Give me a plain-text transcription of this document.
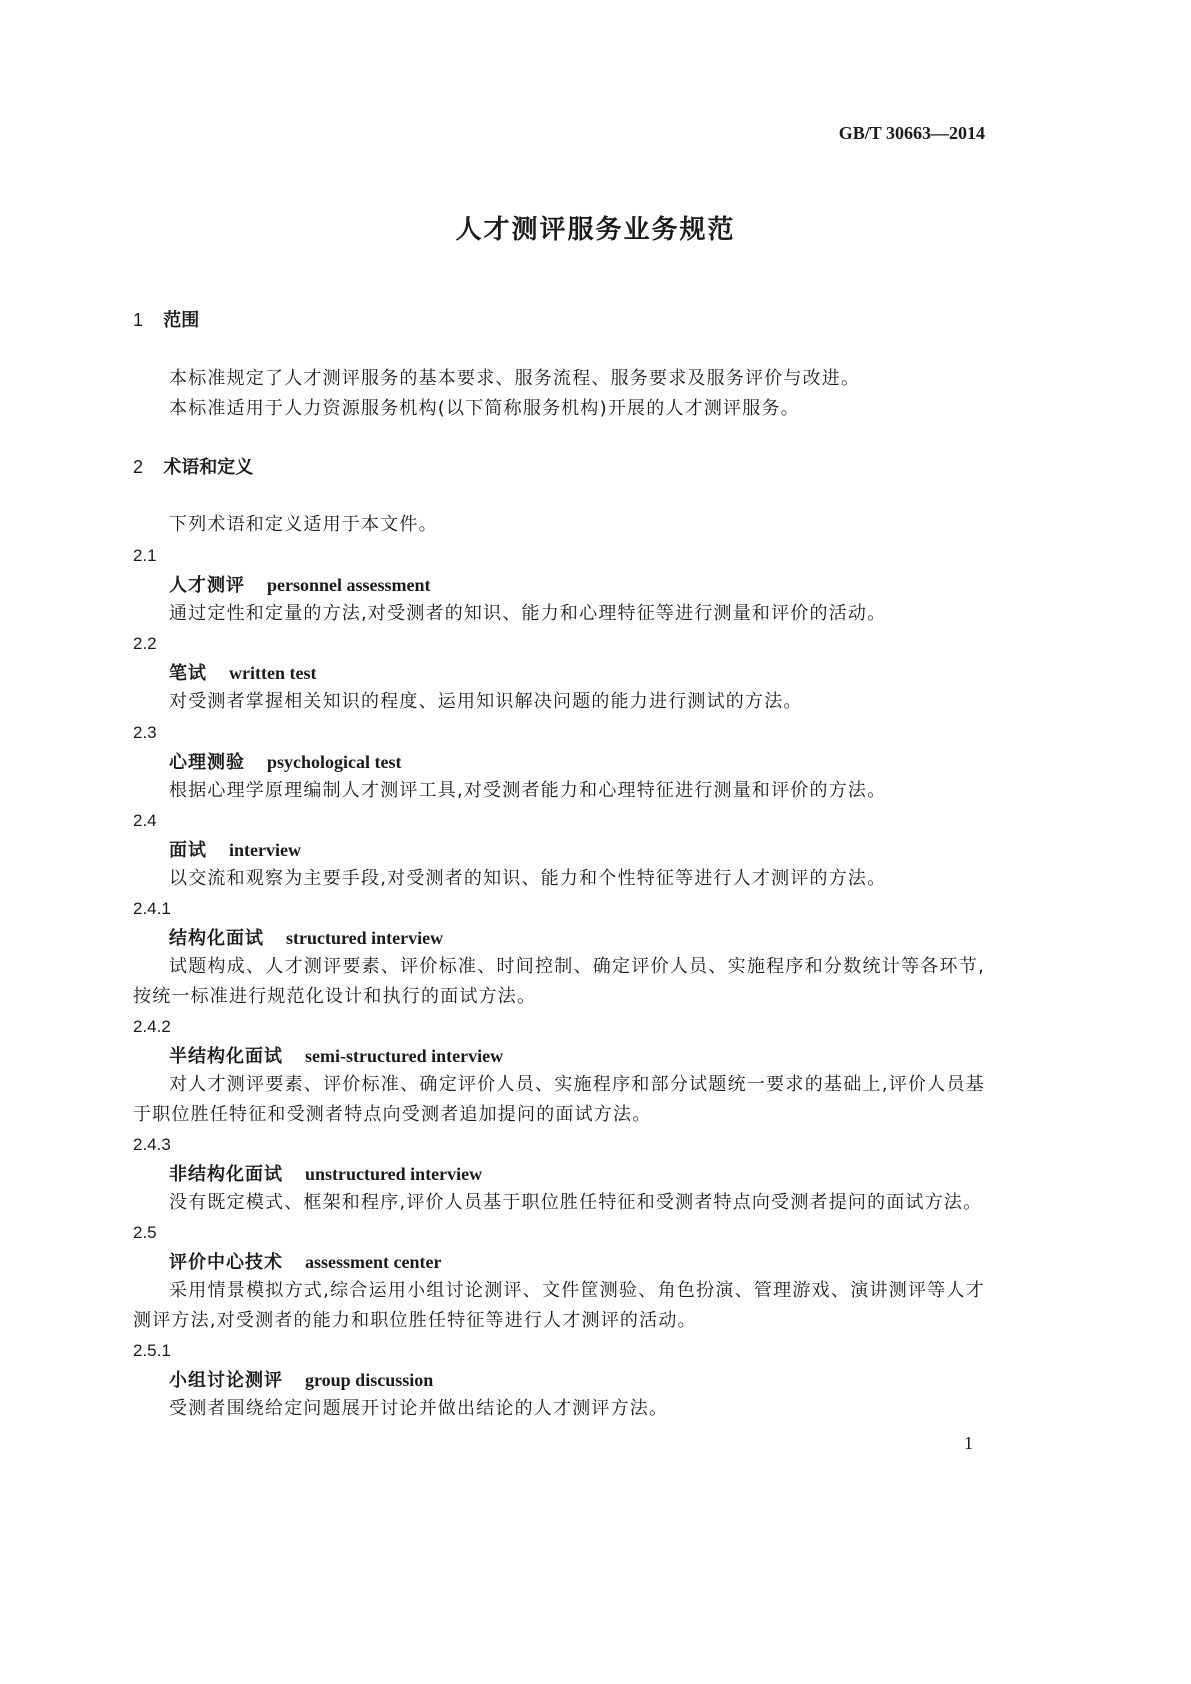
GB/T 30663—2014
人才测评服务业务规范
1 范围
本标准规定了人才测评服务的基本要求、服务流程、服务要求及服务评价与改进。
本标准适用于人力资源服务机构(以下简称服务机构)开展的人才测评服务。
2 术语和定义
下列术语和定义适用于本文件。
2.1
人才测评 personnel assessment
通过定性和定量的方法,对受测者的知识、能力和心理特征等进行测量和评价的活动。
2.2
笔试 written test
对受测者掌握相关知识的程度、运用知识解决问题的能力进行测试的方法。
2.3
心理测验 psychological test
根据心理学原理编制人才测评工具,对受测者能力和心理特征进行测量和评价的方法。
2.4
面试 interview
以交流和观察为主要手段,对受测者的知识、能力和个性特征等进行人才测评的方法。
2.4.1
结构化面试 structured interview
试题构成、人才测评要素、评价标准、时间控制、确定评价人员、实施程序和分数统计等各环节,按统一标准进行规范化设计和执行的面试方法。
2.4.2
半结构化面试 semi-structured interview
对人才测评要素、评价标准、确定评价人员、实施程序和部分试题统一要求的基础上,评价人员基于职位胜任特征和受测者特点向受测者追加提问的面试方法。
2.4.3
非结构化面试 unstructured interview
没有既定模式、框架和程序,评价人员基于职位胜任特征和受测者特点向受测者提问的面试方法。
2.5
评价中心技术 assessment center
采用情景模拟方式,综合运用小组讨论测评、文件筐测验、角色扮演、管理游戏、演讲测评等人才测评方法,对受测者的能力和职位胜任特征等进行人才测评的活动。
2.5.1
小组讨论测评 group discussion
受测者围绕给定问题展开讨论并做出结论的人才测评方法。
1
